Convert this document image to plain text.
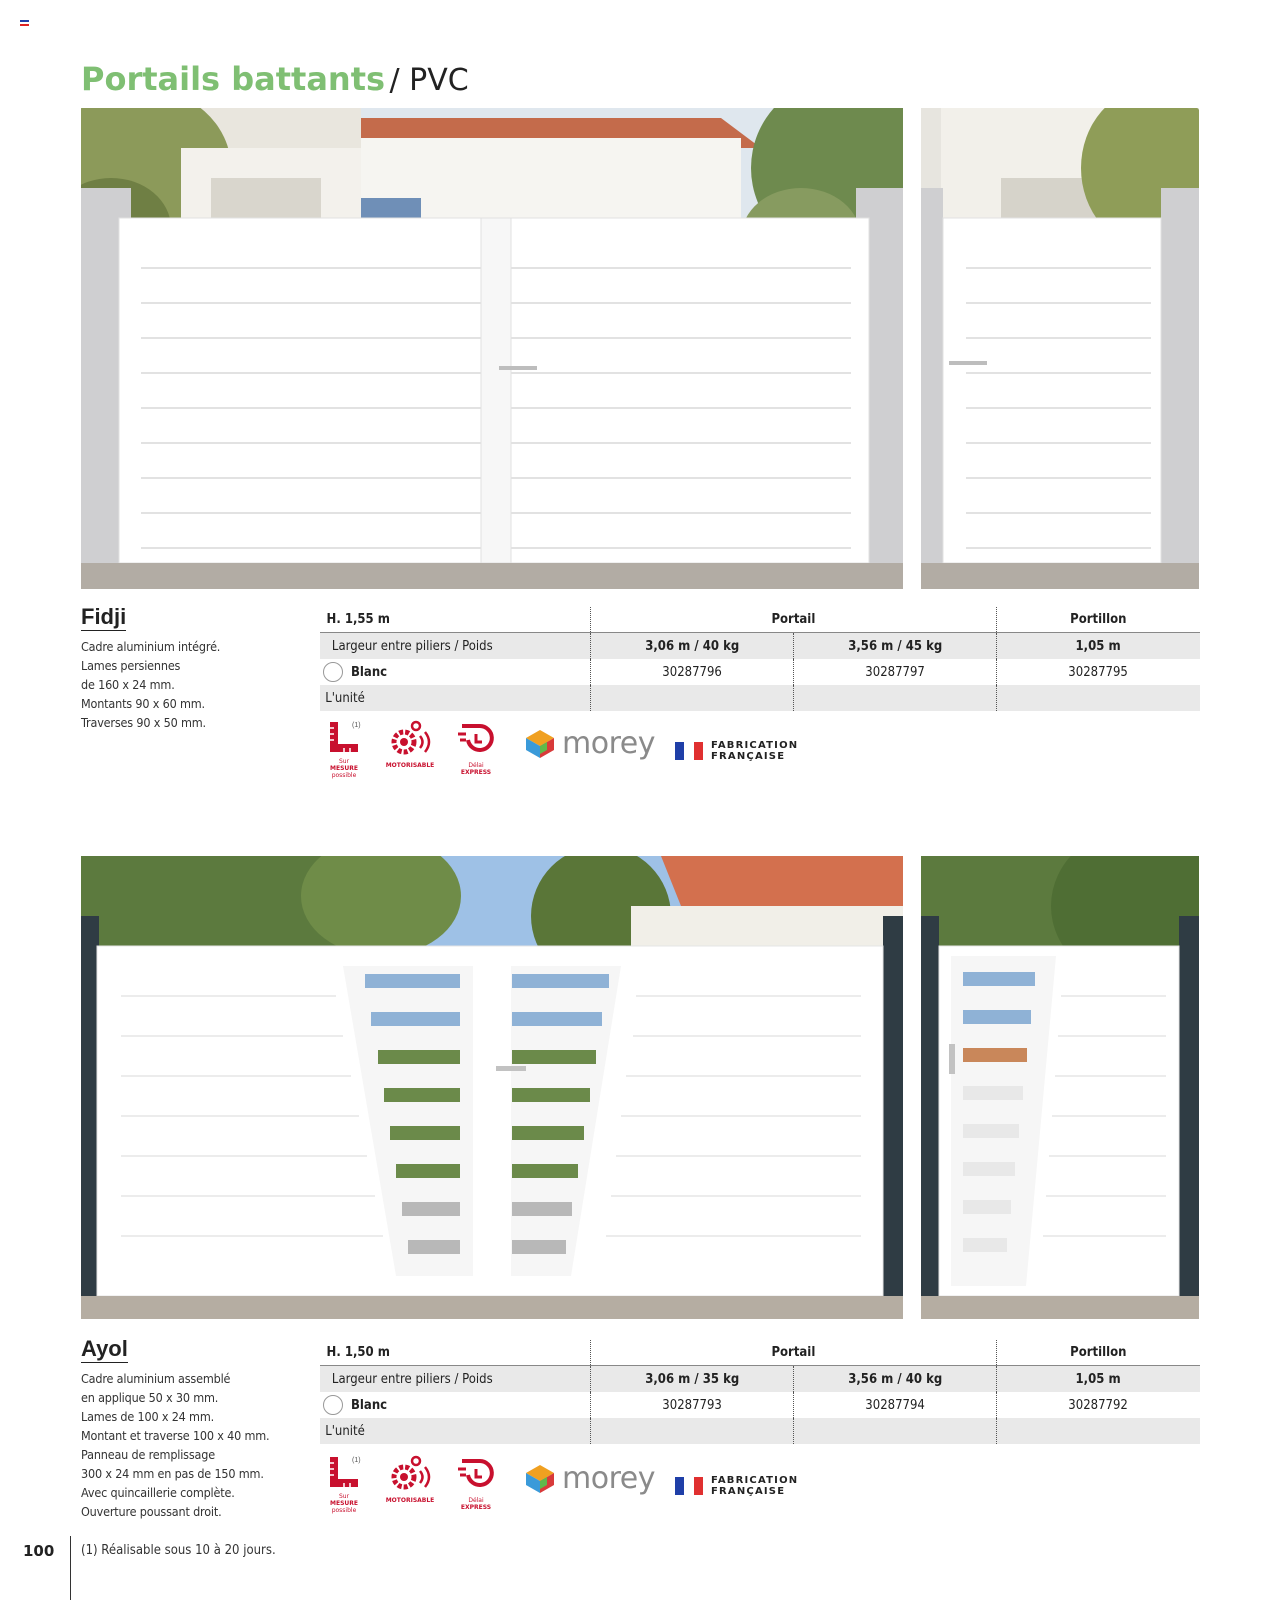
Portails battants / PVC
Fidji
Cadre aluminium intégré.
Lames persiennes
de 160 x 24 mm.
Montants 90 x 60 mm.
Traverses 90 x 50 mm.
H. 1,55 m	Portail	Portillon
Largeur entre piliers / Poids	3,06 m / 40 kg	3,56 m / 45 kg	1,05 m
Blanc	30287796	30287797	30287795
L'unité
(1)
Sur
MESURE
possible
MOTORISABLE	Délai
EXPRESS
morey	FABRICATION
FRANÇAISE
Ayol
Cadre aluminium assemblé
en applique 50 x 30 mm.
Lames de 100 x 24 mm.
Montant et traverse 100 x 40 mm.
Panneau de remplissage
300 x 24 mm en pas de 150 mm.
Avec quincaillerie complète.
Ouverture poussant droit.
H. 1,50 m	Portail	Portillon
Largeur entre piliers / Poids	3,06 m / 35 kg	3,56 m / 40 kg	1,05 m
Blanc	30287793	30287794	30287792
L'unité
(1)
Sur
MESURE
possible
MOTORISABLE	Délai
EXPRESS
morey	FABRICATION
FRANÇAISE
100 (1) Réalisable sous 10 à 20 jours.
